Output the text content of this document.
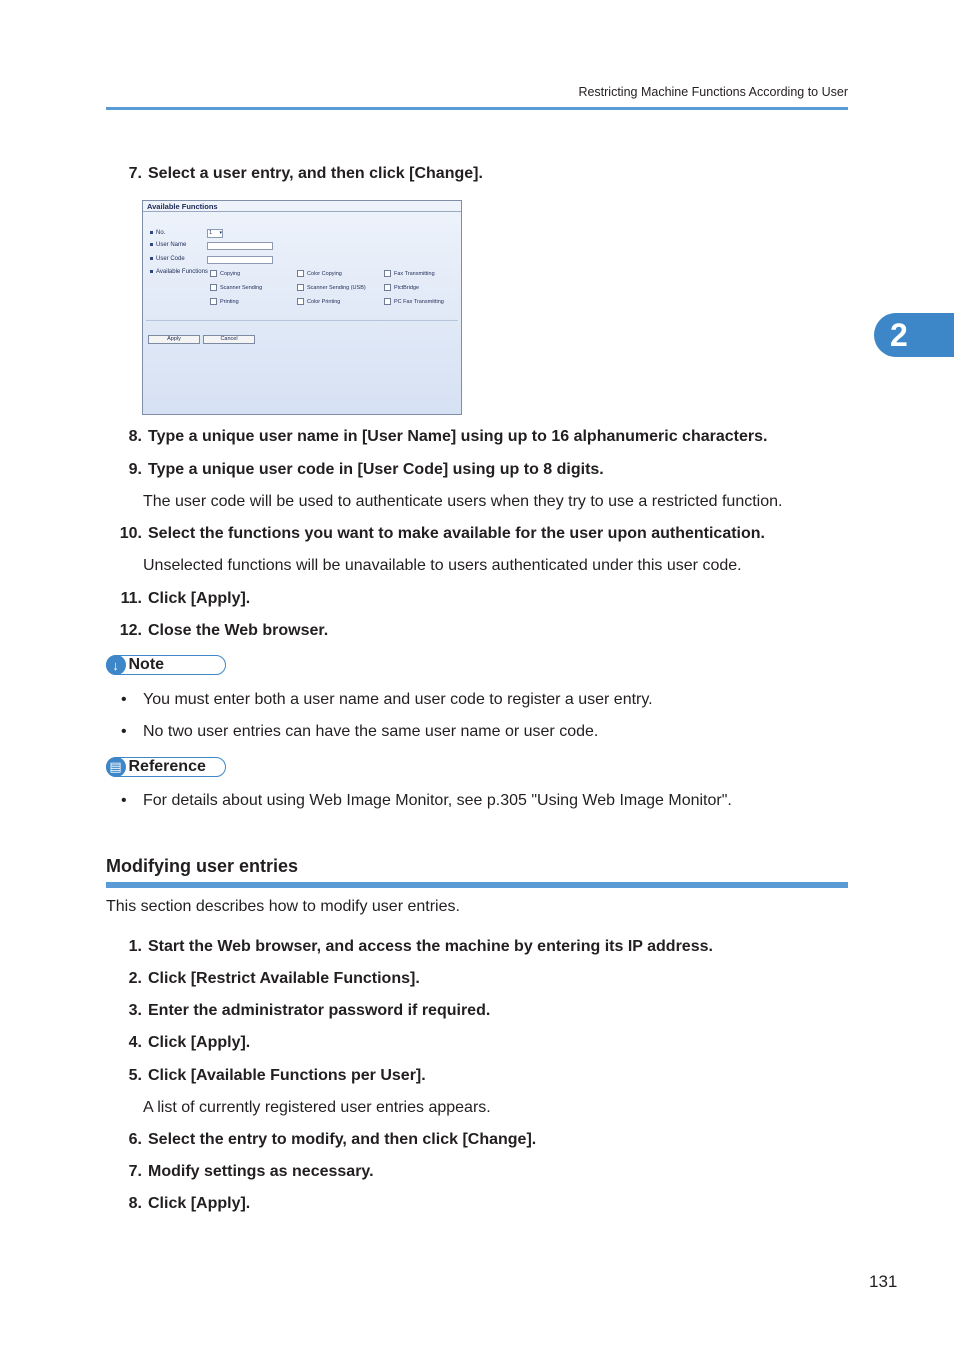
Restricting Machine Functions According to User
2
7. Select a user entry, and then click [Change].
Available Functions
No.	1 ▾
User Name
User Code
Available Functions	Copying	Color Copying	Fax Transmitting
Scanner Sending	Scanner Sending (USB)	PictBridge
Printing	Color Printing	PC Fax Transmitting
Apply	Cancel
8. Type a unique user name in [User Name] using up to 16 alphanumeric characters.
9. Type a unique user code in [User Code] using up to 8 digits.
The user code will be used to authenticate users when they try to use a restricted function.
10. Select the functions you want to make available for the user upon authentication.
Unselected functions will be unavailable to users authenticated under this user code.
11. Click [Apply].
12. Close the Web browser.
↓ Note
• You must enter both a user name and user code to register a user entry.
• No two user entries can have the same user name or user code.
▤ Reference
• For details about using Web Image Monitor, see p.305 "Using Web Image Monitor".
Modifying user entries
This section describes how to modify user entries.
1. Start the Web browser, and access the machine by entering its IP address.
2. Click [Restrict Available Functions].
3. Enter the administrator password if required.
4. Click [Apply].
5. Click [Available Functions per User].
A list of currently registered user entries appears.
6. Select the entry to modify, and then click [Change].
7. Modify settings as necessary.
8. Click [Apply].
131
